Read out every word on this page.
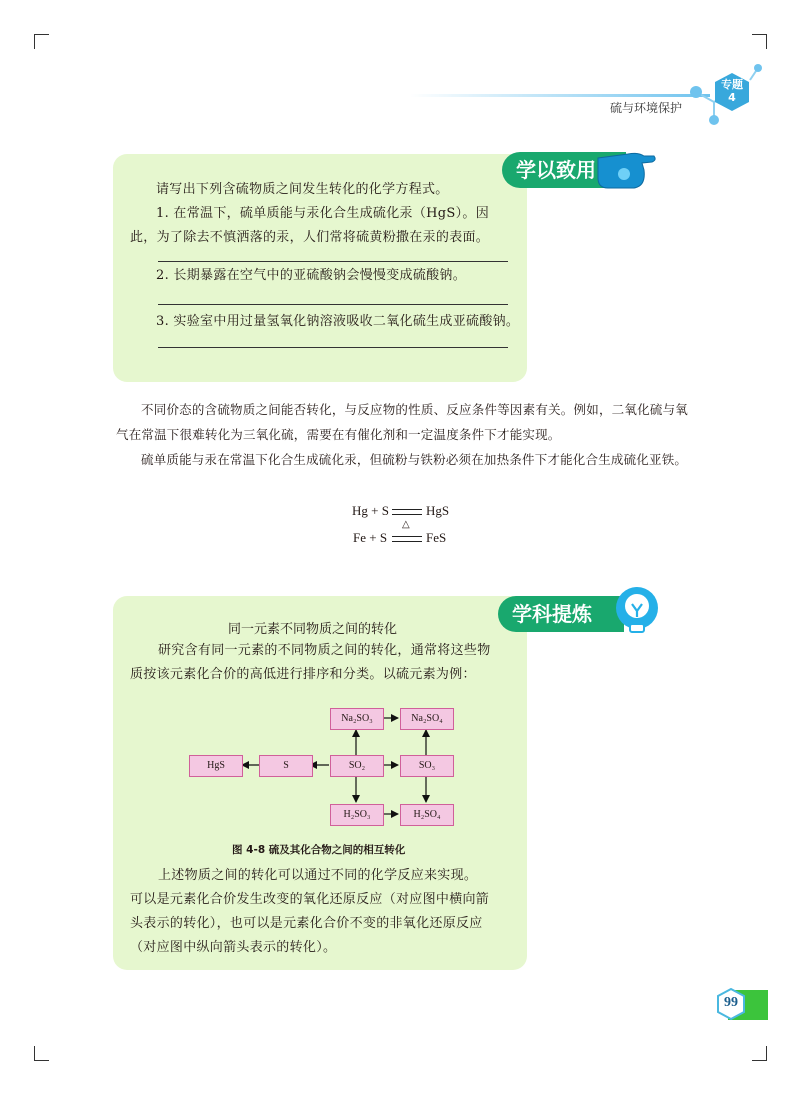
硫与环境保护
专题
4
学以致用
请写出下列含硫物质之间发生转化的化学方程式。
1. 在常温下，硫单质能与汞化合生成硫化汞（HgS）。因
此，为了除去不慎洒落的汞，人们常将硫黄粉撒在汞的表面。
2. 长期暴露在空气中的亚硫酸钠会慢慢变成硫酸钠。
3. 实验室中用过量氢氧化钠溶液吸收二氧化硫生成亚硫酸钠。
不同价态的含硫物质之间能否转化，与反应物的性质、反应条件等因素有关。例如，二氧化硫与氧气在常温下很难转化为三氧化硫，需要在有催化剂和一定温度条件下才能实现。
硫单质能与汞在常温下化合生成硫化汞，但硫粉与铁粉必须在加热条件下才能化合生成硫化亚铁。
Hg + S	HgS
Fe + S
△
FeS
学科提炼
同一元素不同物质之间的转化
研究含有同一元素的不同物质之间的转化，通常将这些物
质按该元素化合价的高低进行排序和分类。以硫元素为例：
Na₂SO₃	Na₂SO₄
HgS	S	SO₂	SO₃
H₂SO₃	H₂SO₄
图 4-8 硫及其化合物之间的相互转化
上述物质之间的转化可以通过不同的化学反应来实现。
可以是元素化合价发生改变的氧化还原反应（对应图中横向箭
头表示的转化），也可以是元素化合价不变的非氧化还原反应
（对应图中纵向箭头表示的转化）。
99
